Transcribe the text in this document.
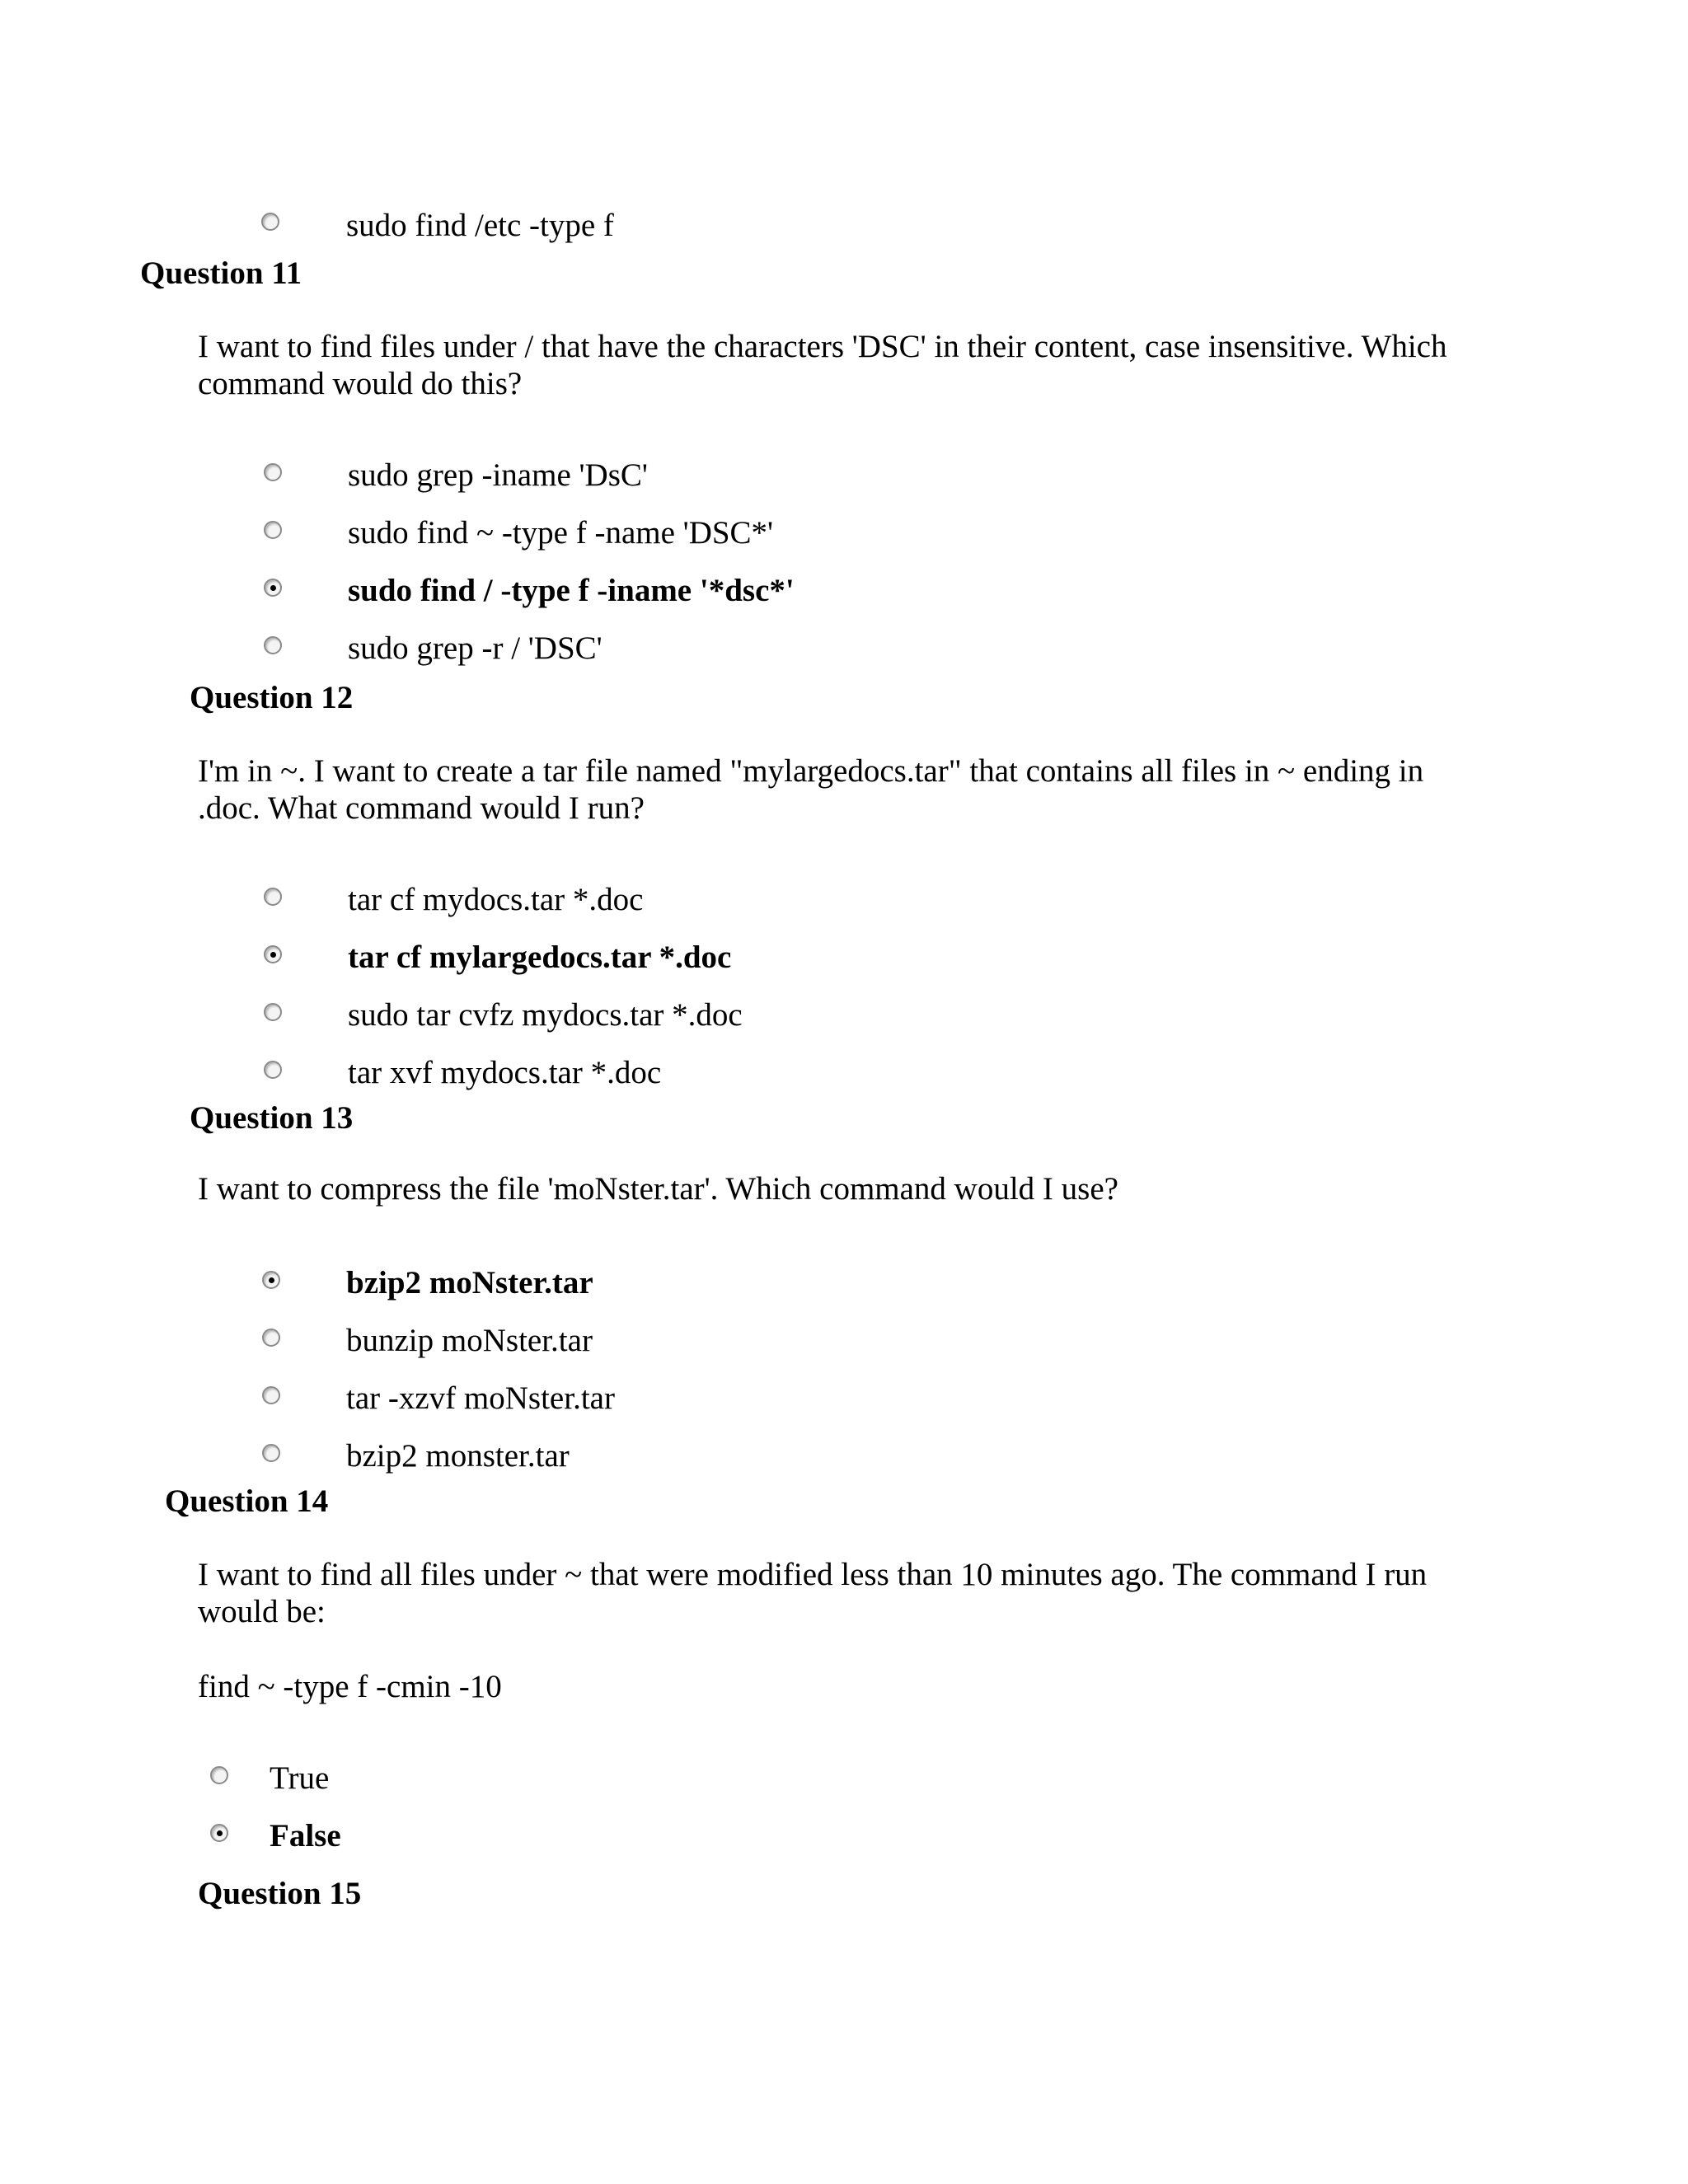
sudo find /etc -type f
Question 11
I want to find files under / that have the characters 'DSC' in their content, case insensitive. Which
command would do this?
sudo grep -iname 'DsC'
sudo find ~ -type f -name 'DSC*'
sudo find / -type f -iname '*dsc*'
sudo grep -r / 'DSC'
Question 12
I'm in ~. I want to create a tar file named "mylargedocs.tar" that contains all files in ~ ending in
.doc. What command would I run?
tar cf mydocs.tar *.doc
tar cf mylargedocs.tar *.doc
sudo tar cvfz mydocs.tar *.doc
tar xvf mydocs.tar *.doc
Question 13
I want to compress the file 'moNster.tar'. Which command would I use?
bzip2 moNster.tar
bunzip moNster.tar
tar -xzvf moNster.tar
bzip2 monster.tar
Question 14
I want to find all files under ~ that were modified less than 10 minutes ago. The command I run
would be:
find ~ -type f -cmin -10
True
False
Question 15
